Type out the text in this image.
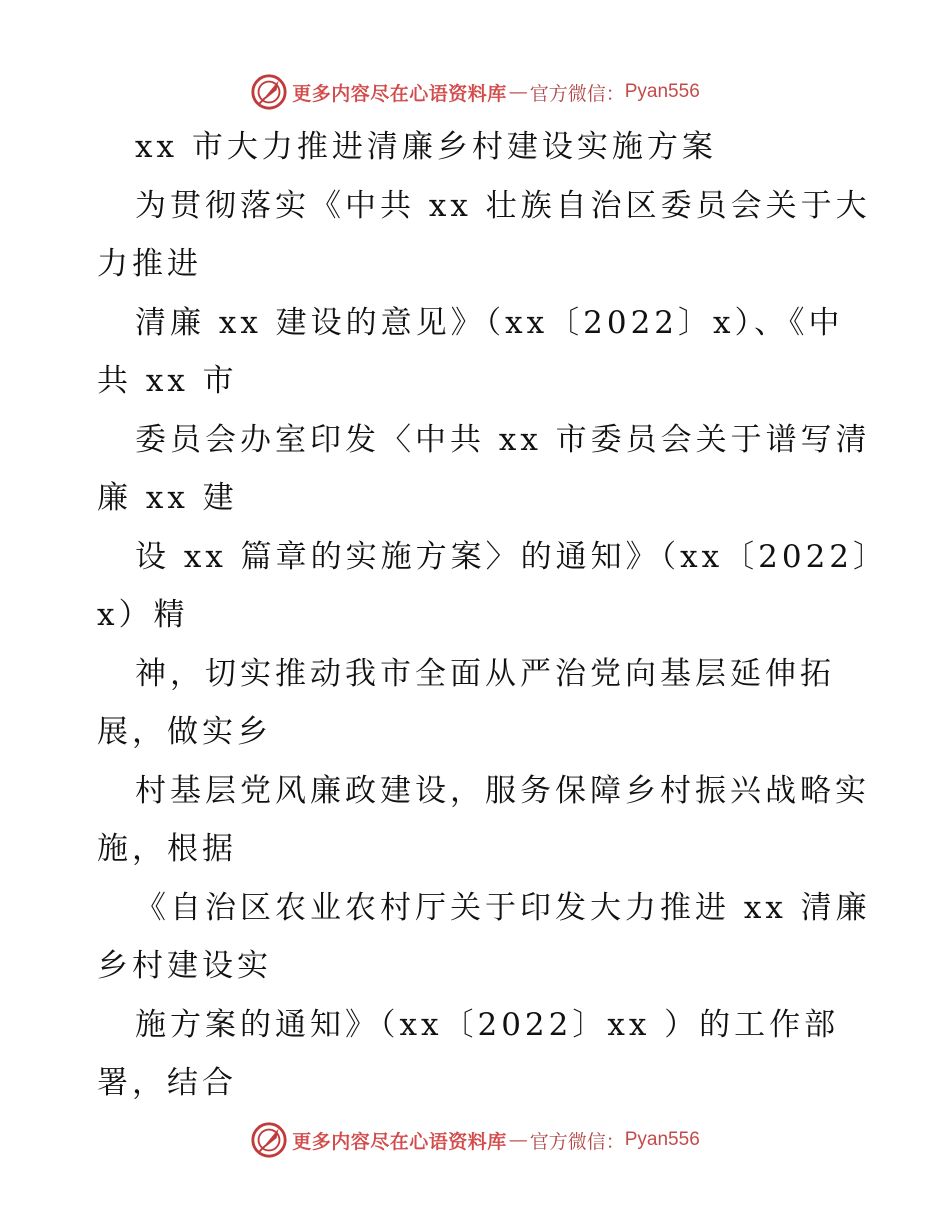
更多内容尽在心语资料库 — 官方微信： Pyan556
xx 市大力推进清廉乡村建设实施方案
为贯彻落实《中共 xx 壮族自治区委员会关于大
力推进
清廉 xx 建设的意见》（xx〔2022〕x）、《中
共 xx 市
委员会办室印发〈中共 xx 市委员会关于谱写清
廉 xx 建
设 xx 篇章的实施方案〉的通知》（xx〔2022〕
x）精
神，切实推动我市全面从严治党向基层延伸拓
展，做实乡
村基层党风廉政建设，服务保障乡村振兴战略实
施，根据
《自治区农业农村厅关于印发大力推进 xx 清廉
乡村建设实
施方案的通知》（xx〔2022〕xx ）的工作部
署，结合
更多内容尽在心语资料库 — 官方微信： Pyan556
